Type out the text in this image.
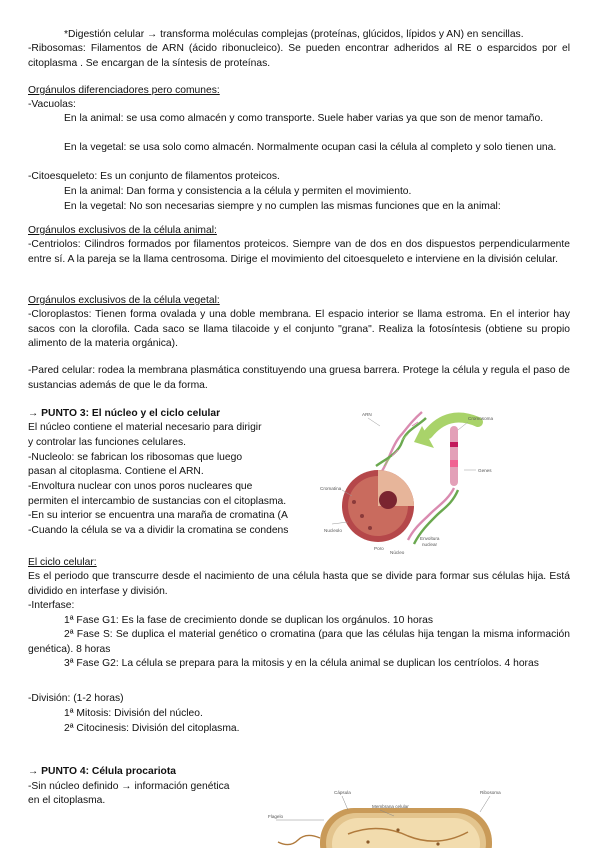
*Digestión celular → transforma moléculas complejas (proteínas, glúcidos, lípidos y AN) en sencillas.
-Ribosomas: Filamentos de ARN (ácido ribonucleico). Se pueden encontrar adheridos al RE o esparcidos por el citoplasma . Se encargan de la síntesis de proteínas.
Orgánulos diferenciadores pero comunes:
-Vacuolas:
En la animal: se usa como almacén y como transporte. Suele haber varias ya que son de menor tamaño.
En la vegetal: se usa solo como almacén. Normalmente ocupan casi la célula al completo y solo tienen una.
-Citoesqueleto: Es un conjunto de filamentos proteicos.
En la animal: Dan forma y consistencia a la célula y permiten el movimiento.
En la vegetal: No son necesarias siempre y no cumplen las mismas funciones que en la animal:
Orgánulos exclusivos de la célula animal:
-Centriolos: Cilindros formados por filamentos proteicos. Siempre van de dos en dos dispuestos perpendicularmente entre sí. A la pareja se la llama centrosoma. Dirige el movimiento del citoesqueleto e interviene en la división celular.
Orgánulos exclusivos de la célula vegetal:
-Cloroplastos: Tienen forma ovalada y una doble membrana. El espacio interior se llama estroma. En el interior hay sacos con la clorofila. Cada saco se llama tilacoide y el conjunto "grana". Realiza la fotosíntesis (obtiene su propio alimento de la materia orgánica).
-Pared celular: rodea la membrana plasmática constituyendo una gruesa barrera. Protege la célula y regula el paso de sustancias además de que le da forma.
→ PUNTO 3: El núcleo y el ciclo celular
El núcleo contiene el material necesario para dirigir
y controlar las funciones celulares.
-Nucleolo: se fabrican los ribosomas que luego
pasan al citoplasma. Contiene el ARN.
-Envoltura nuclear con unos poros nucleares que
permiten el intercambio de sustancias con el citoplasma.
-En su interior se encuentra una maraña de cromatina (A
-Cuando la célula se va a dividir la cromatina se condens
ARN
Cromosoma
Genes
Cromatina
Nucleolo
Poro
Núcleo
Envoltura
nuclear
El ciclo celular:
Es el periodo que transcurre desde el nacimiento de una célula hasta que se divide para formar sus células hija. Está dividido en interfase y división.
-Interfase:
1ª Fase G1: Es la fase de crecimiento donde se duplican los orgánulos. 10 horas
2ª Fase S: Se duplica el material genético o cromatina (para que las células hija tengan la misma información genética). 8 horas
3ª Fase G2: La célula se prepara para la mitosis y en la célula animal se duplican los centríolos. 4 horas
-División: (1-2 horas)
1ª Mitosis: División del núcleo.
2ª Citocinesis: División del citoplasma.
→ PUNTO 4: Célula procariota
-Sin núcleo definido → información genética
en el citoplasma.
Cápsula
Membrana celular
Ribosoma
Flagelo
